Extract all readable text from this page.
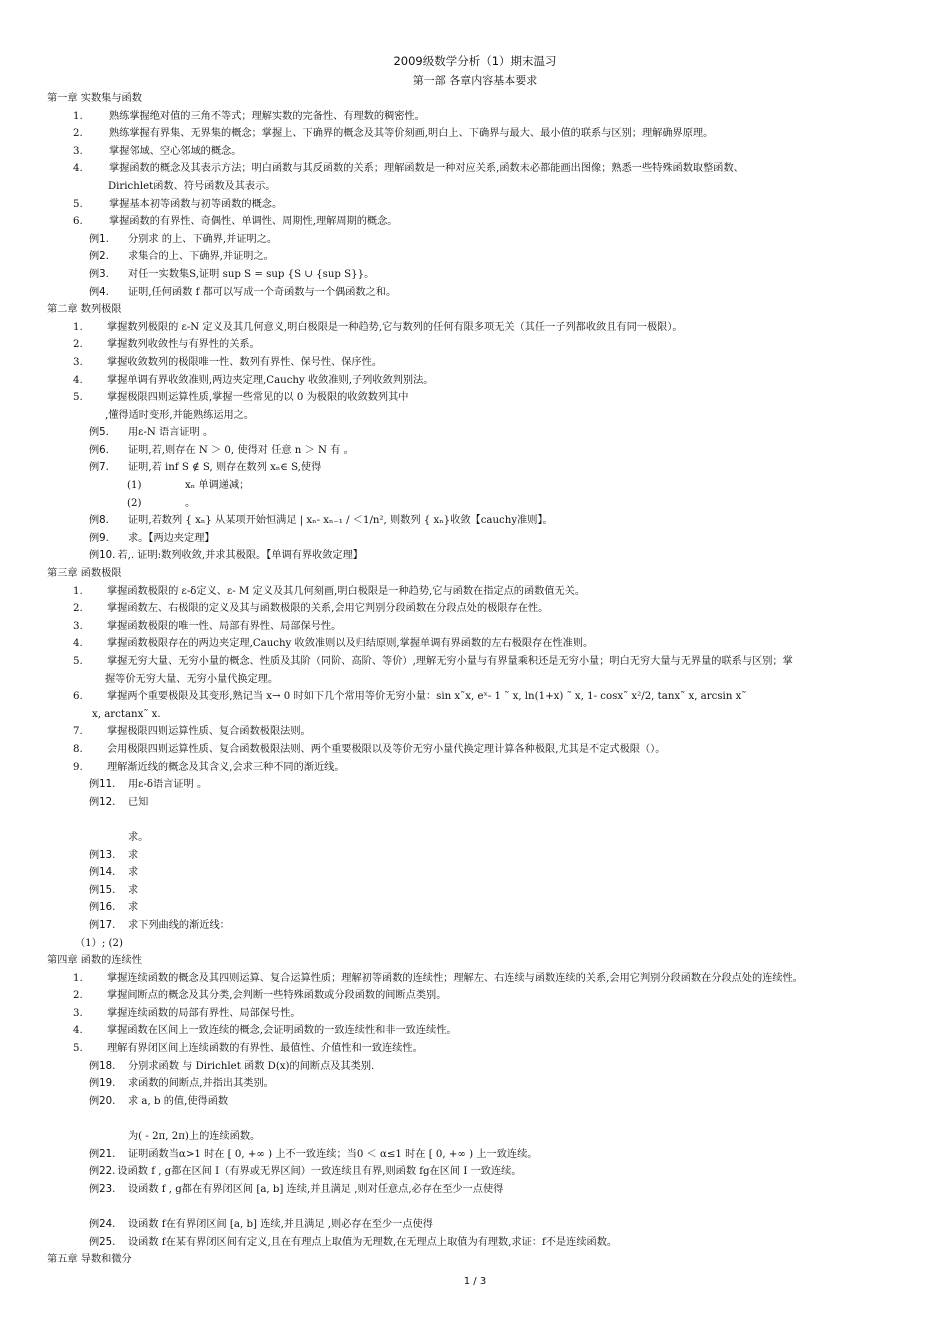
2009级数学分析（1）期末温习
第一部 各章内容基本要求
第一章 实数集与函数
1.	熟练掌握绝对值的三角不等式；理解实数的完备性、有理数的稠密性。
2.	熟练掌握有界集、无界集的概念；掌握上、下确界的概念及其等价刻画,明白上、下确界与最大、最小值的联系与区别；理解确界原理。
3.	掌握邻域、空心邻域的概念。
4.	掌握函数的概念及其表示方法；明白函数与其反函数的关系；理解函数是一种对应关系,函数未必都能画出图像；熟悉一些特殊函数取整函数、
Dirichlet函数、符号函数及其表示。
5.	掌握基本初等函数与初等函数的概念。
6.	掌握函数的有界性、奇偶性、单调性、周期性,理解周期的概念。
例1.	分别求 的上、下确界,并证明之。
例2.	求集合的上、下确界,并证明之。
例3.	对任一实数集S,证明 sup S = sup {S ∪ {sup S}}。
例4.	证明,任何函数 f 都可以写成一个奇函数与一个偶函数之和。
第二章 数列极限
1.	掌握数列极限的 ε-N 定义及其几何意义,明白极限是一种趋势,它与数列的任何有限多项无关（其任一子列都收敛且有同一极限）。
2.	掌握数列收敛性与有界性的关系。
3.	掌握收敛数列的极限唯一性、数列有界性、保号性、保序性。
4.	掌握单调有界收敛准则,两边夹定理,Cauchy 收敛准则,子列收敛判别法。
5.	掌握极限四则运算性质,掌握一些常见的以 0 为极限的收敛数列其中
,懂得适时变形,并能熟练运用之。
例5.	用ε-N 语言证明 。
例6.	证明,若,则存在 N ＞ 0, 使得对 任意 n ＞ N 有 。
例7.	证明,若 inf S ∉ S, 则存在数列 xₙ∈ S,使得
(1)	xₙ 单调递减；
(2)	。
例8.	证明,若数列 { xₙ} 从某项开始恒满足 | xₙ- xₙ₋₁ / ＜1/n², 则数列 { xₙ}收敛【cauchy准则】。
例9.	求。【两边夹定理】
例10. 若,. 证明:数列收敛,并求其极限。【单调有界收敛定理】
第三章 函数极限
1.	掌握函数极限的 ε-δ定义、ε- M 定义及其几何刻画,明白极限是一种趋势,它与函数在指定点的函数值无关。
2.	掌握函数左、右极限的定义及其与函数极限的关系,会用它判别分段函数在分段点处的极限存在性。
3.	掌握函数极限的唯一性、局部有界性、局部保号性。
4.	掌握函数极限存在的两边夹定理,Cauchy 收敛准则以及归结原则,掌握单调有界函数的左右极限存在性准则。
5.	掌握无穷大量、无穷小量的概念、性质及其阶（同阶、高阶、等价）,理解无穷小量与有界量乘积还是无穷小量；明白无穷大量与无界量的联系与区别；掌
握等价无穷大量、无穷小量代换定理。
6.	掌握两个重要极限及其变形,熟记当 x→ 0 时如下几个常用等价无穷小量：sin x˜x, eˣ- 1 ˜ x, ln(1+x) ˜ x, 1- cosx˜ x²/2, tanx˜ x, arcsin x˜
x, arctanx˜ x.
7.	掌握极限四则运算性质、复合函数极限法则。
8.	会用极限四则运算性质、复合函数极限法则、两个重要极限以及等价无穷小量代换定理计算各种极限,尤其是不定式极限（）。
9.	理解渐近线的概念及其含义,会求三种不同的渐近线。
例11.	用ε-δ语言证明 。
例12.	已知
求。
例13.	求
例14.	求
例15.	求
例16.	求
例17.	求下列曲线的渐近线：
（1）; (2)
第四章 函数的连续性
1.	掌握连续函数的概念及其四则运算、复合运算性质；理解初等函数的连续性；理解左、右连续与函数连续的关系,会用它判别分段函数在分段点处的连续性。
2.	掌握间断点的概念及其分类,会判断一些特殊函数或分段函数的间断点类别。
3.	掌握连续函数的局部有界性、局部保号性。
4.	掌握函数在区间上一致连续的概念,会证明函数的一致连续性和非一致连续性。
5.	理解有界闭区间上连续函数的有界性、最值性、介值性和一致连续性。
例18.	分别求函数 与 Dirichlet 函数 D(x)的间断点及其类别.
例19.	求函数的间断点,并指出其类别。
例20.	求 a, b 的值,使得函数
为( - 2π, 2π)上的连续函数。
例21.	证明函数当α>1 时在 [ 0, +∞ ) 上不一致连续；当0 ＜ α≤1 时在 [ 0, +∞ ) 上一致连续。
例22. 设函数 f , g都在区间 I（有界或无界区间）一致连续且有界,则函数 fg在区间 I 一致连续。
例23.	设函数 f , g都在有界闭区间 [a, b] 连续,并且满足 ,则对任意点,必存在至少一点使得
例24.	设函数 f在有界闭区间 [a, b] 连续,并且满足 ,则必存在至少一点使得
例25.	设函数 f在某有界闭区间有定义,且在有理点上取值为无理数,在无理点上取值为有理数,求证：f不是连续函数。
第五章 导数和微分
1 / 3
